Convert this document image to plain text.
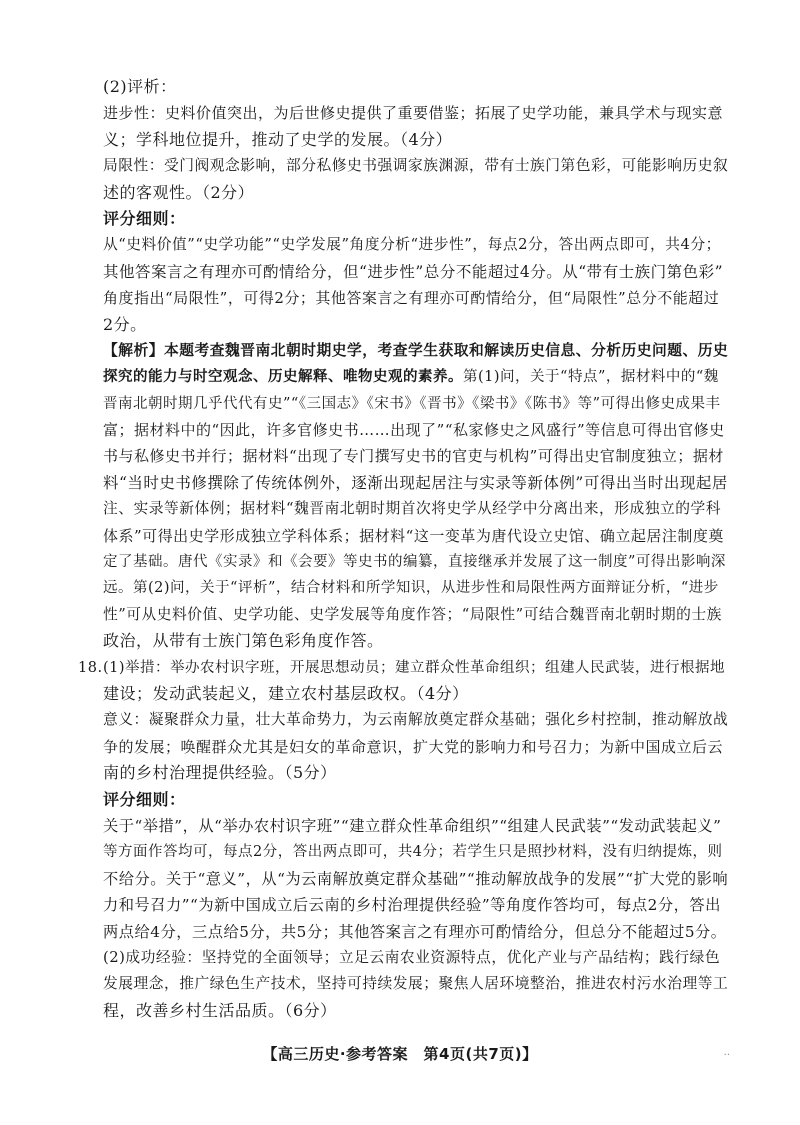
(2)评析：

进步性：史料价值突出，为后世修史提供了重要借鉴；拓展了史学功能，兼具学术与现实意

义；学科地位提升，推动了史学的发展。（4分）

局限性：受门阀观念影响，部分私修史书强调家族渊源，带有士族门第色彩，可能影响历史叙

述的客观性。（2分）

评分细则：

从“史料价值”“史学功能”“史学发展”角度分析“进步性”，每点2分，答出两点即可，共4分；

其他答案言之有理亦可酌情给分，但“进步性”总分不能超过4分。从“带有士族门第色彩”

角度指出“局限性”，可得2分；其他答案言之有理亦可酌情给分，但“局限性”总分不能超过

2分。

【解析】本题考查魏晋南北朝时期史学，考查学生获取和解读历史信息、分析历史问题、历史

探究的能力与时空观念、历史解释、唯物史观的素养。第(1)问，关于“特点”，据材料中的“魏

晋南北朝时期几乎代代有史”“《三国志》《宋书》《晋书》《梁书》《陈书》等”可得出修史成果丰

富；据材料中的“因此，许多官修史书……出现了”“私家修史之风盛行”等信息可得出官修史

书与私修史书并行；据材料“出现了专门撰写史书的官吏与机构”可得出史官制度独立；据材

料“当时史书修撰除了传统体例外，逐渐出现起居注与实录等新体例”可得出当时出现起居

注、实录等新体例；据材料“魏晋南北朝时期首次将史学从经学中分离出来，形成独立的学科

体系”可得出史学形成独立学科体系；据材料“这一变革为唐代设立史馆、确立起居注制度奠

定了基础。唐代《实录》和《会要》等史书的编纂，直接继承并发展了这一制度”可得出影响深

远。第(2)问，关于“评析”，结合材料和所学知识，从进步性和局限性两方面辩证分析，“进步

性”可从史料价值、史学功能、史学发展等角度作答；“局限性”可结合魏晋南北朝时期的士族

政治，从带有士族门第色彩角度作答。

18. (1)举措：举办农村识字班，开展思想动员；建立群众性革命组织；组建人民武装，进行根据地

建设；发动武装起义，建立农村基层政权。（4分）

意义：凝聚群众力量，壮大革命势力，为云南解放奠定群众基础；强化乡村控制，推动解放战

争的发展；唤醒群众尤其是妇女的革命意识，扩大党的影响力和号召力；为新中国成立后云

南的乡村治理提供经验。（5分）

评分细则：

关于“举措”，从“举办农村识字班”“建立群众性革命组织”“组建人民武装”“发动武装起义”

等方面作答均可，每点2分，答出两点即可，共4分；若学生只是照抄材料，没有归纳提炼，则

不给分。关于“意义”，从“为云南解放奠定群众基础”“推动解放战争的发展”“扩大党的影响

力和号召力”“为新中国成立后云南的乡村治理提供经验”等角度作答均可，每点2分，答出

两点给4分，三点给5分，共5分；其他答案言之有理亦可酌情给分，但总分不能超过5分。

(2)成功经验：坚持党的全面领导；立足云南农业资源特点，优化产业与产品结构；践行绿色

发展理念，推广绿色生产技术，坚持可持续发展；聚焦人居环境整治，推进农村污水治理等工

程，改善乡村生活品质。（6分）

【高三历史·参考答案　第4页(共7页)】	··
